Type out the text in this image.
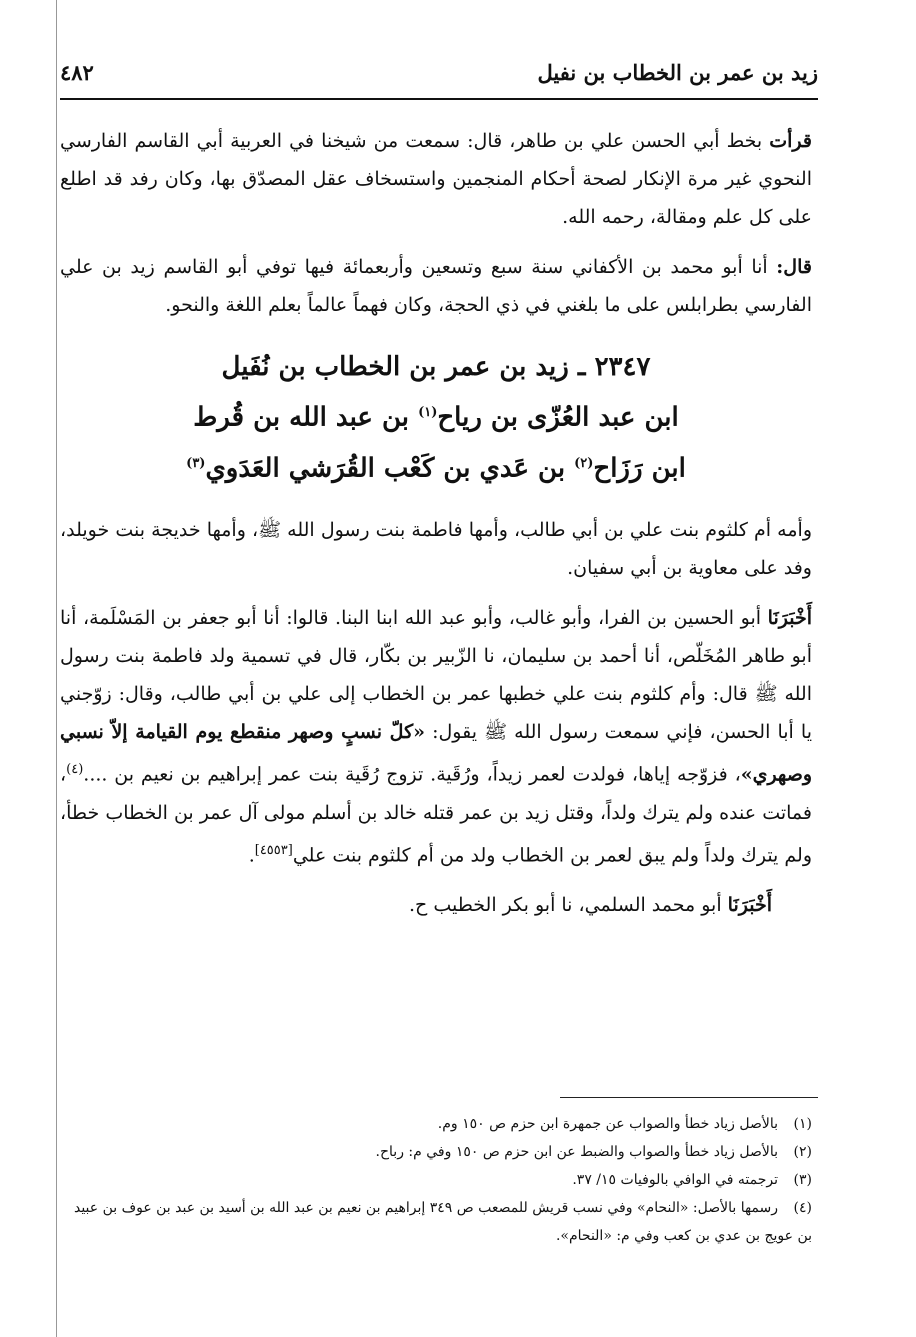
زيد بن عمر بن الخطاب بن نفيل
٤٨٢

قرأت بخط أبي الحسن علي بن طاهر، قال: سمعت من شيخنا في العربية أبي القاسم الفارسي النحوي غير مرة الإنكار لصحة أحكام المنجمين واستسخاف عقل المصدّق بها، وكان رفد قد اطلع على كل علم ومقالة، رحمه الله.

قال: أنا أبو محمد بن الأكفاني سنة سبع وتسعين وأربعمائة فيها توفي أبو القاسم زيد بن علي الفارسي بطرابلس على ما بلغني في ذي الحجة، وكان فهماً عالماً بعلم اللغة والنحو.

٢٣٤٧ ـ زيد بن عمر بن الخطاب بن نُفَيل
ابن عبد العُزّى بن رياح$^{(١)}$ بن عبد الله بن قُرط
ابن رَزَاح$^{(٢)}$ بن عَدي بن كَعْب القُرَشي العَدَوي$^{(٣)}$

وأمه أم كلثوم بنت علي بن أبي طالب، وأمها فاطمة بنت رسول الله ﷺ، وأمها خديجة بنت خويلد، وفد على معاوية بن أبي سفيان.

أَخْبَرَنَا أبو الحسين بن الفرا، وأبو غالب، وأبو عبد الله ابنا البنا. قالوا: أنا أبو جعفر بن المَسْلَمة، أنا أبو طاهر المُخَلّص، أنا أحمد بن سليمان، نا الزّبير بن بكّار، قال في تسمية ولد فاطمة بنت رسول الله ﷺ قال: وأم كلثوم بنت علي خطبها عمر بن الخطاب إلى علي بن أبي طالب، وقال: زوّجني يا أبا الحسن، فإني سمعت رسول الله ﷺ يقول: «كلّ نسبٍ وصهر منقطع يوم القيامة إلاّ نسبي وصهري»، فزوّجه إياها، فولدت لعمر زيداً، ورُقَية. تزوج رُقَية بنت عمر إبراهيم بن نعيم بن ....$^{(٤)}$، فماتت عنده ولم يترك ولداً، وقتل زيد بن عمر قتله خالد بن أسلم مولى آل عمر بن الخطاب خطأ، ولم يترك ولداً ولم يبق لعمر بن الخطاب ولد من أم كلثوم بنت علي[٤٥٥٣].

أَخْبَرَنَا أبو محمد السلمي، نا أبو بكر الخطيب ح.

(١)بالأصل زياد خطأ والصواب عن جمهرة ابن حزم ص ١٥٠ وم.

(٢)بالأصل زياد خطأ والصواب والضبط عن ابن حزم ص ١٥٠ وفي م: رباح.

(٣)ترجمته في الوافي بالوفيات ١٥/ ٣٧.

(٤)رسمها بالأصل: «النحام» وفي نسب قريش للمصعب ص ٣٤٩ إبراهيم بن نعيم بن عبد الله بن أسيد بن عبد بن عوف بن عبيد بن عويج بن عدي بن كعب وفي م: «النحام».
